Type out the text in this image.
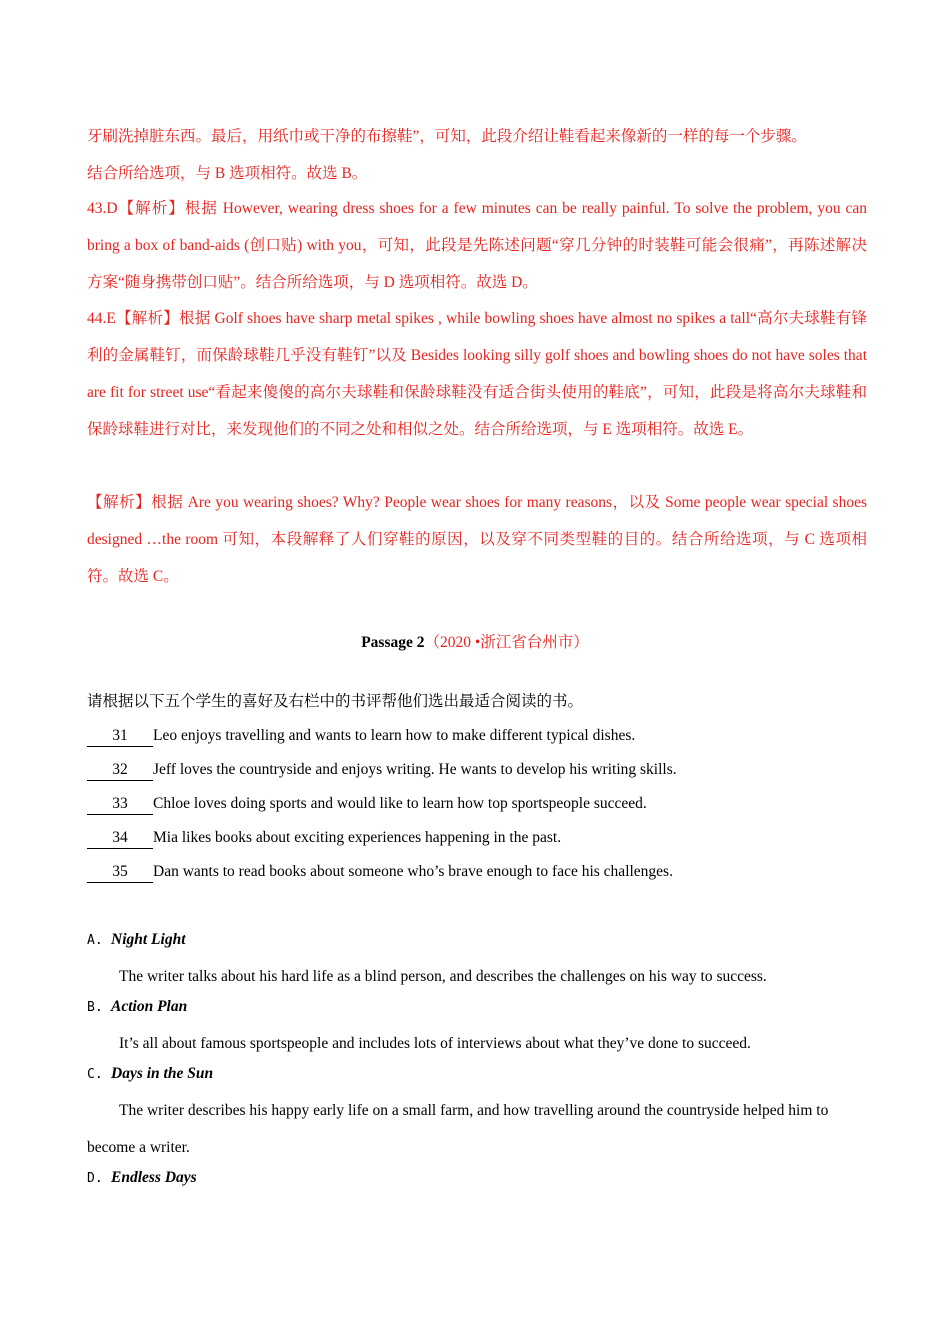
牙刷洗掉脏东西。最后，用纸巾或干净的布擦鞋”，可知，此段介绍让鞋看起来像新的一样的每一个步骤。
结合所给选项，与 B 选项相符。故选 B。
43.D【解析】根据 However, wearing dress shoes for a few minutes can be really painful. To solve the problem, you can bring a box of band-aids (创口贴) with you，可知，此段是先陈述问题“穿几分钟的时装鞋可能会很痛”，再陈述解决方案“随身携带创口贴”。结合所给选项，与 D 选项相符。故选 D。
44.E【解析】根据 Golf shoes have sharp metal spikes , while bowling shoes have almost no spikes a tall“高尔夫球鞋有锋利的金属鞋钉，而保龄球鞋几乎没有鞋钉”以及 Besides looking silly golf shoes and bowling shoes do not have soles that are fit for street use“看起来傻傻的高尔夫球鞋和保龄球鞋没有适合街头使用的鞋底”，可知，此段是将高尔夫球鞋和保龄球鞋进行对比，来发现他们的不同之处和相似之处。结合所给选项，与 E 选项相符。故选 E。
【解析】根据 Are you wearing shoes? Why? People wear shoes for many reasons，以及 Some people wear special shoes designed …the room 可知，本段解释了人们穿鞋的原因，以及穿不同类型鞋的目的。结合所给选项，与 C 选项相符。故选 C。
Passage 2（2020 •浙江省台州市）
请根据以下五个学生的喜好及右栏中的书评帮他们选出最适合阅读的书。
31 Leo enjoys travelling and wants to learn how to make different typical dishes.
32 Jeff loves the countryside and enjoys writing. He wants to develop his writing skills.
33 Chloe loves doing sports and would like to learn how top sportspeople succeed.
34 Mia likes books about exciting experiences happening in the past.
35 Dan wants to read books about someone who’s brave enough to face his challenges.
A. Night Light

The writer talks about his hard life as a blind person, and describes the challenges on his way to success.

B. Action Plan

It’s all about famous sportspeople and includes lots of interviews about what they’ve done to succeed.

C. Days in the Sun

The writer describes his happy early life on a small farm, and how travelling around the countryside helped him to become a writer.

D. Endless Days
